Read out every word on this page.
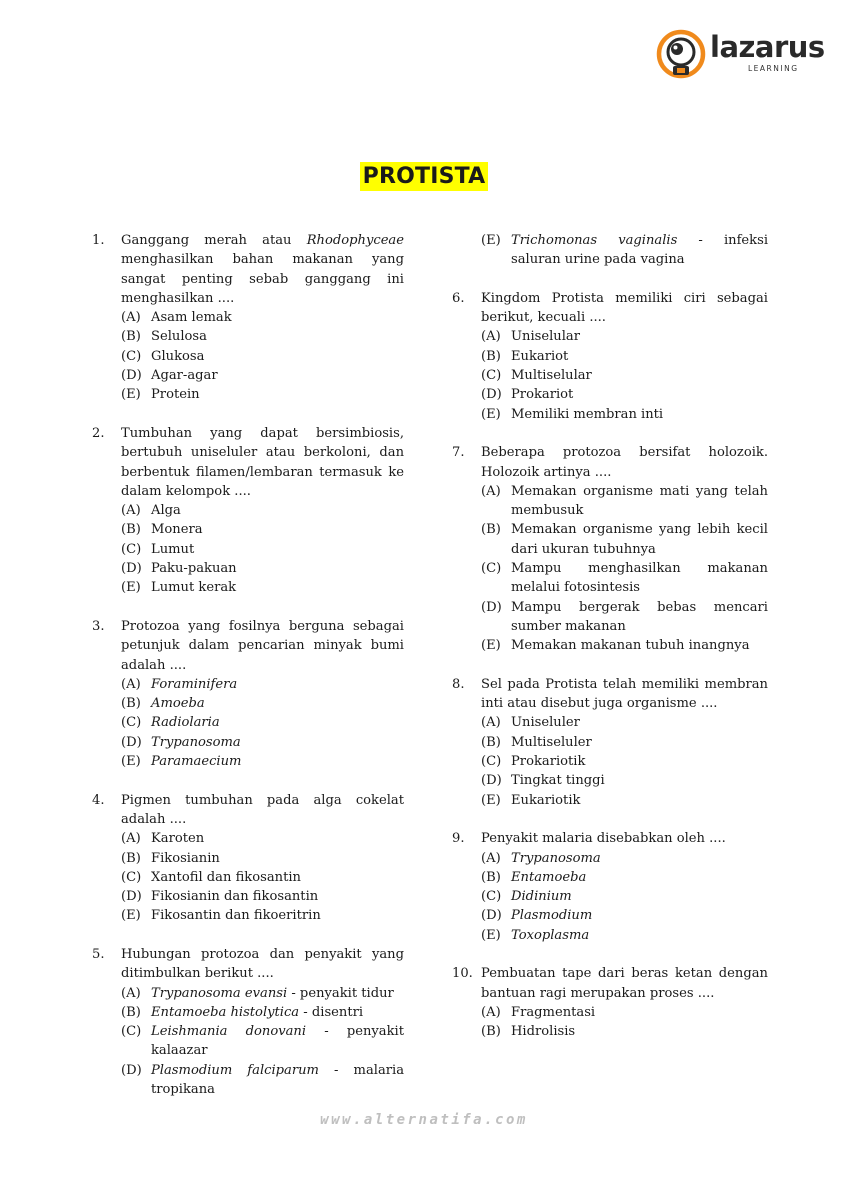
lazarus
LEARNING
PROTISTA
1.	Ganggang merah atau Rhodophyceae menghasilkan bahan makanan yang sangat penting sebab ganggang ini menghasilkan ....
(A) Asam lemak
(B) Selulosa
(C) Glukosa
(D) Agar-agar
(E) Protein
2.	Tumbuhan yang dapat bersimbiosis, bertubuh uniseluler atau berkoloni, dan berbentuk filamen/lembaran termasuk ke dalam kelompok ....
(A) Alga
(B) Monera
(C) Lumut
(D) Paku-pakuan
(E) Lumut kerak
3.	Protozoa yang fosilnya berguna sebagai petunjuk dalam pencarian minyak bumi adalah ....
(A) Foraminifera
(B) Amoeba
(C) Radiolaria
(D) Trypanosoma
(E) Paramaecium
4.	Pigmen tumbuhan pada alga cokelat adalah ....
(A) Karoten
(B) Fikosianin
(C) Xantofil dan fikosantin
(D) Fikosianin dan fikosantin
(E) Fikosantin dan fikoeritrin
5.	Hubungan protozoa dan penyakit yang ditimbulkan berikut ....
(A) Trypanosoma evansi - penyakit tidur
(B) Entamoeba histolytica - disentri
(C) Leishmania donovani - penyakit kalaazar
(D) Plasmodium falciparum - malaria tropikana
(E) Trichomonas vaginalis - infeksi saluran urine pada vagina
6.	Kingdom Protista memiliki ciri sebagai berikut, kecuali ....
(A) Uniselular
(B) Eukariot
(C) Multiselular
(D) Prokariot
(E) Memiliki membran inti
7.	Beberapa protozoa bersifat holozoik. Holozoik artinya ....
(A) Memakan organisme mati yang telah membusuk
(B) Memakan organisme yang lebih kecil dari ukuran tubuhnya
(C) Mampu menghasilkan makanan melalui fotosintesis
(D) Mampu bergerak bebas mencari sumber makanan
(E) Memakan makanan tubuh inangnya
8.	Sel pada Protista telah memiliki membran inti atau disebut juga organisme ....
(A) Uniseluler
(B) Multiseluler
(C) Prokariotik
(D) Tingkat tinggi
(E) Eukariotik
9.	Penyakit malaria disebabkan oleh ....
(A) Trypanosoma
(B) Entamoeba
(C) Didinium
(D) Plasmodium
(E) Toxoplasma
10. Pembuatan tape dari beras ketan dengan bantuan ragi merupakan proses ....
(A) Fragmentasi
(B) Hidrolisis
www.alternatifa.com
